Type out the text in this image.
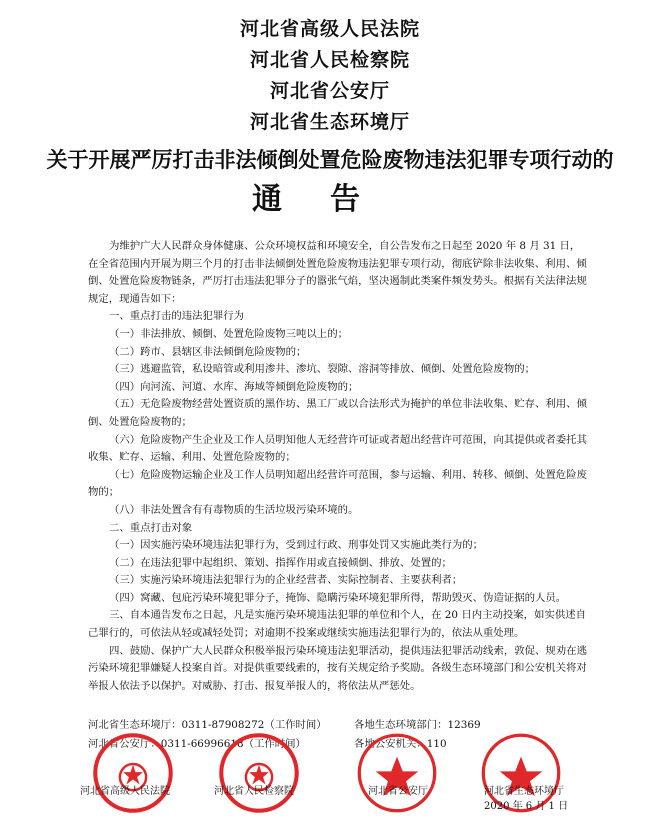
河北省高级人民法院
河北省人民检察院
河北省公安厅
河北省生态环境厅
关于开展严厉打击非法倾倒处置危险废物违法犯罪专项行动的
通告

为维护广大人民群众身体健康、公众环境权益和环境安全，自公告发布之日起至 2020 年 8 月 31 日，在全省范围内开展为期三个月的打击非法倾倒处置危险废物违法犯罪专项行动，彻底铲除非法收集、利用、倾倒、处置危险废物链条，严厉打击违法犯罪分子的嚣张气焰，坚决遏制此类案件频发势头。根据有关法律法规规定，现通告如下：

一、重点打击的违法犯罪行为

（一）非法排放、倾倒、处置危险废物三吨以上的；

（二）跨市、县辖区非法倾倒危险废物的；

（三）逃避监管，私设暗管或利用渗井、渗坑、裂隙、溶洞等排放、倾倒、处置危险废物的；

（四）向河流、河道、水库、海域等倾倒危险废物的；

（五）无危险废物经营处置资质的黑作坊、黑工厂或以合法形式为掩护的单位非法收集、贮存、利用、倾倒、处置危险废物的；

（六）危险废物产生企业及工作人员明知他人无经营许可证或者超出经营许可范围，向其提供或者委托其收集、贮存、运输、利用、处置危险废物的；

（七）危险废物运输企业及工作人员明知超出经营许可范围，参与运输、利用、转移、倾倒、处置危险废物的；

（八）非法处置含有有毒物质的生活垃圾污染环境的。

二、重点打击对象

（一）因实施污染环境违法犯罪行为，受到过行政、刑事处罚又实施此类行为的；

（二）在违法犯罪中起组织、策划、指挥作用或直接倾倒、排放、处置的；

（三）实施污染环境违法犯罪行为的企业经营者、实际控制者、主要获利者；

（四）窝藏、包庇污染环境犯罪分子，掩饰、隐瞒污染环境犯罪所得，帮助毁灭、伪造证据的人员。

三、自本通告发布之日起，凡是实施污染环境违法犯罪的单位和个人，在 20 日内主动投案，如实供述自己罪行的，可依法从轻或减轻处罚；对逾期不投案或继续实施违法犯罪行为的，依法从重处理。

四、鼓励、保护广大人民群众积极举报污染环境违法犯罪活动，提供违法犯罪活动线索，敦促、规劝在逃污染环境犯罪嫌疑人投案自首。对提供重要线索的，按有关规定给予奖励。各级生态环境部门和公安机关将对举报人依法予以保护。对威胁、打击、报复举报人的，将依法从严惩处。

河北省生态环境厅：0311-87908272（工作时间）	各地生态环境部门：12369
河北省公安厅：0311-66996618（工作时间）	各地公安机关：110
河北省高级人民法院	河北省人民检察院	河北省公安厅	河北省生态环境厅
2020 年 6 月 1 日
